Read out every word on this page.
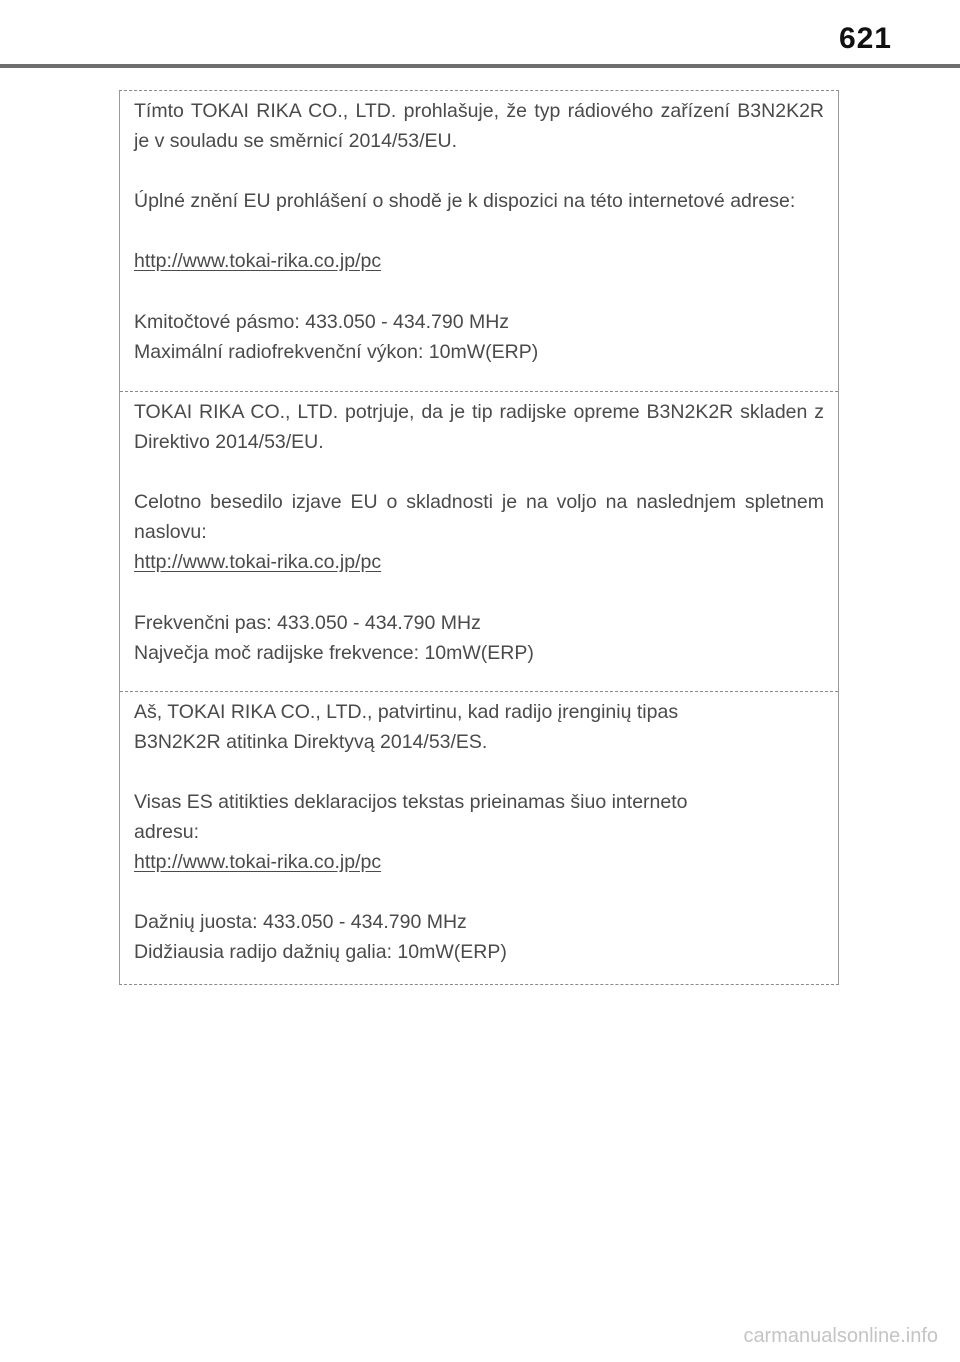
621

Tímto TOKAI RIKA CO., LTD. prohlašuje, že typ rádiového zařízení B3N2K2R je v souladu se směrnicí 2014/53/EU.

Úplné znění EU prohlášení o shodě je k dispozici na této internetové adrese:

http://www.tokai-rika.co.jp/pc
Kmitočtové pásmo: 433.050 - 434.790 MHz
Maximální radiofrekvenční výkon: 10mW(ERP)

TOKAI RIKA CO., LTD. potrjuje, da je tip radijske opreme B3N2K2R skladen z Direktivo 2014/53/EU.

Celotno besedilo izjave EU o skladnosti je na voljo na naslednjem spletnem naslovu:

http://www.tokai-rika.co.jp/pc
Frekvenčni pas: 433.050 - 434.790 MHz
Največja moč radijske frekvence: 10mW(ERP)
Aš, TOKAI RIKA CO., LTD., patvirtinu, kad radijo įrenginių tipas
B3N2K2R atitinka Direktyvą 2014/53/ES.
Visas ES atitikties deklaracijos tekstas prieinamas šiuo interneto
adresu:
http://www.tokai-rika.co.jp/pc
Dažnių juosta: 433.050 - 434.790 MHz
Didžiausia radijo dažnių galia: 10mW(ERP)
carmanualsonline.info
